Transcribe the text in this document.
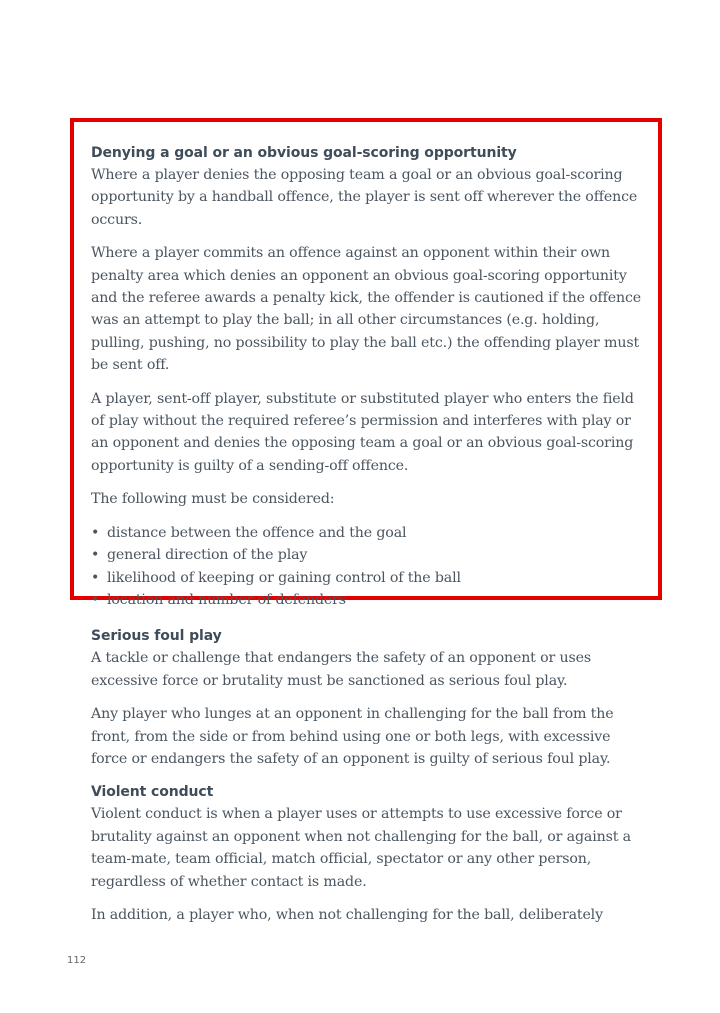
Denying a goal or an obvious goal-scoring opportunity

Where a player denies the opposing team a goal or an obvious goal-scoring opportunity by a handball offence, the player is sent off wherever the offence occurs.

Where a player commits an offence against an opponent within their own penalty area which denies an opponent an obvious goal-scoring opportunity and the referee awards a penalty kick, the offender is cautioned if the offence was an attempt to play the ball; in all other circumstances (e.g. holding, pulling, pushing, no possibility to play the ball etc.) the offending player must be sent off.

A player, sent-off player, substitute or substituted player who enters the field of play without the required referee’s permission and interferes with play or an opponent and denies the opposing team a goal or an obvious goal-scoring opportunity is guilty of a sending-off offence.

The following must be considered:

• distance between the offence and the goal
• general direction of the play
• likelihood of keeping or gaining control of the ball
• location and number of defenders
Serious foul play

A tackle or challenge that endangers the safety of an opponent or uses excessive force or brutality must be sanctioned as serious foul play.

Any player who lunges at an opponent in challenging for the ball from the front, from the side or from behind using one or both legs, with excessive force or endangers the safety of an opponent is guilty of serious foul play.

Violent conduct

Violent conduct is when a player uses or attempts to use excessive force or brutality against an opponent when not challenging for the ball, or against a team-mate, team official, match official, spectator or any other person, regardless of whether contact is made.

In addition, a player who, when not challenging for the ball, deliberately

112
